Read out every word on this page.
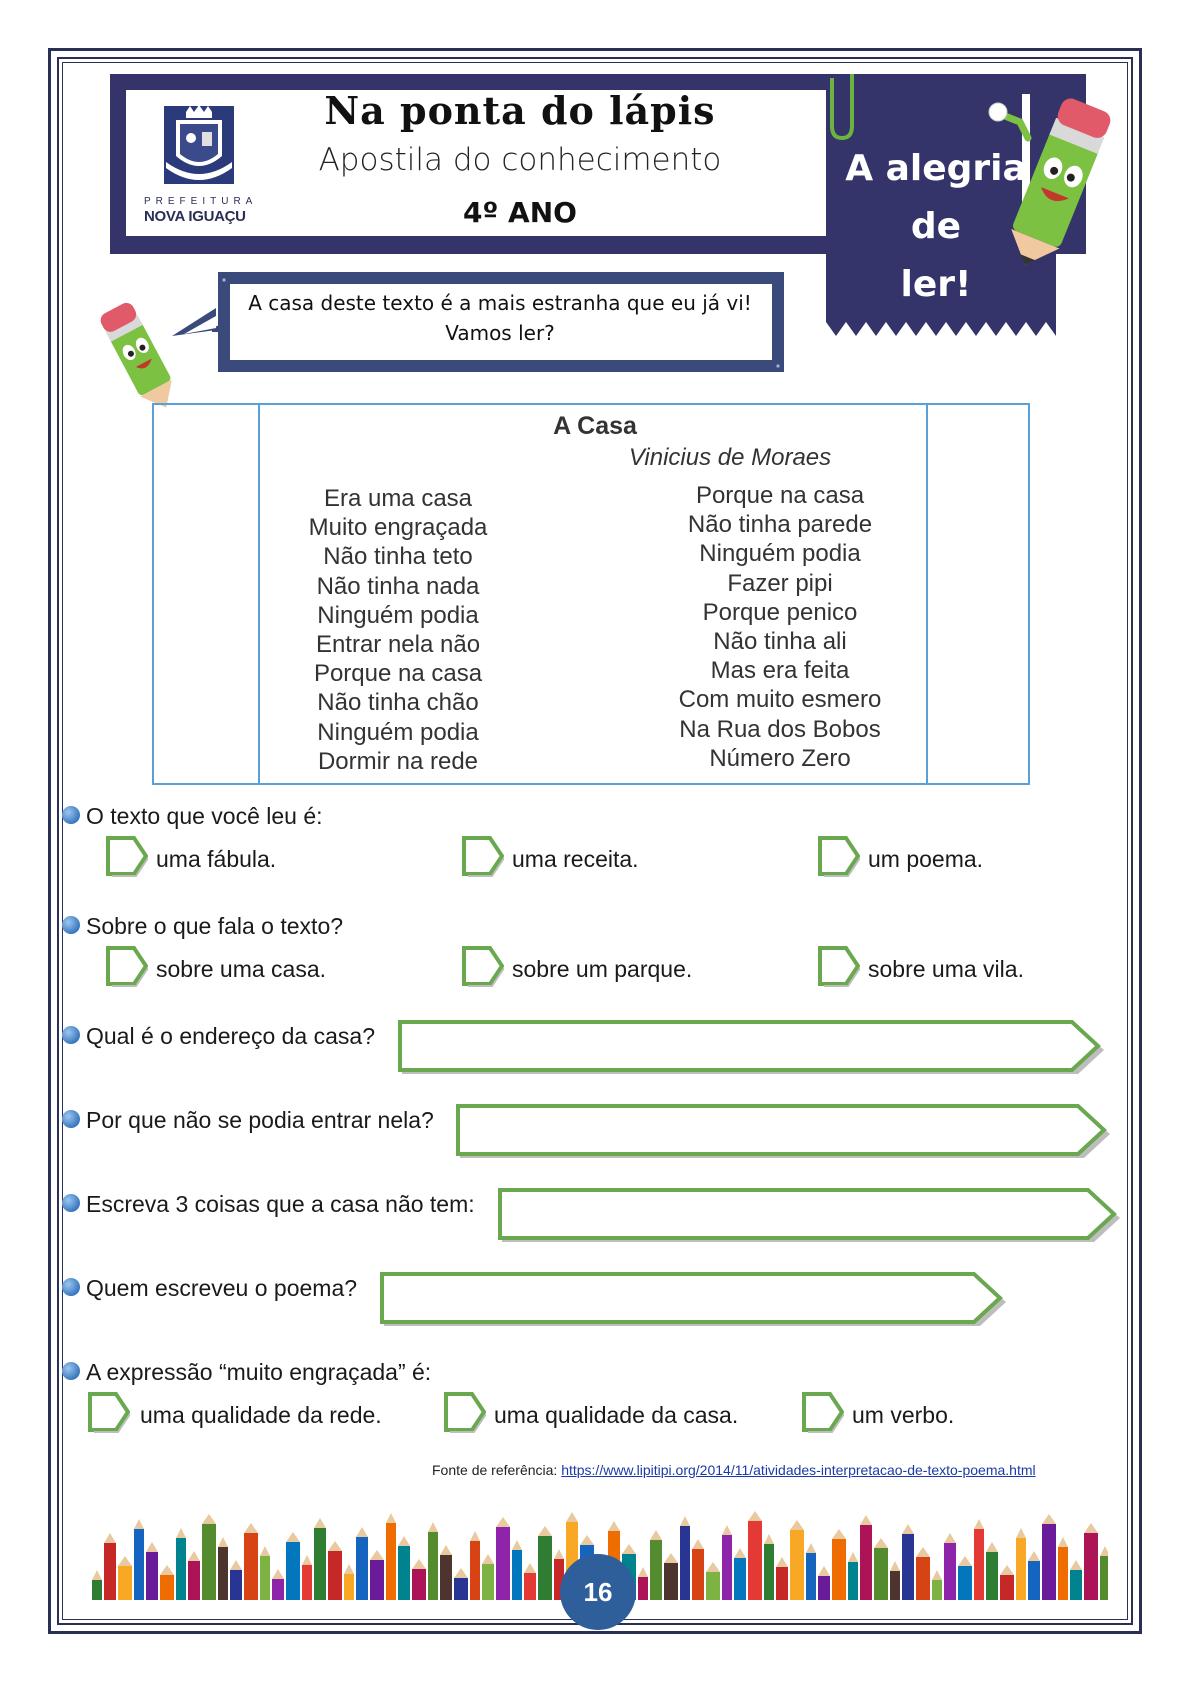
PREFEITURA
NOVA IGUAÇU
Na ponta do lápis
Apostila do conhecimento
4º ANO
A alegria
de
ler!
A casa deste texto é a mais estranha que eu já vi!
Vamos ler?
A Casa
Vinicius de Moraes
Era uma casa
Muito engraçada
Não tinha teto
Não tinha nada
Ninguém podia
Entrar nela não
Porque na casa
Não tinha chão
Ninguém podia
Dormir na rede
Porque na casa
Não tinha parede
Ninguém podia
Fazer pipi
Porque penico
Não tinha ali
Mas era feita
Com muito esmero
Na Rua dos Bobos
Número Zero
O texto que você leu é:
uma fábula.	uma receita.	um poema.
Sobre o que fala o texto?
sobre uma casa.	sobre um parque.	sobre uma vila.
Qual é o endereço da casa?
Por que não se podia entrar nela?
Escreva 3 coisas que a casa não tem:
Quem escreveu o poema?
A expressão “muito engraçada” é:
uma qualidade da rede.	uma qualidade da casa.	um verbo.
Fonte de referência: https://www.lipitipi.org/2014/11/atividades-interpretacao-de-texto-poema.html
16
